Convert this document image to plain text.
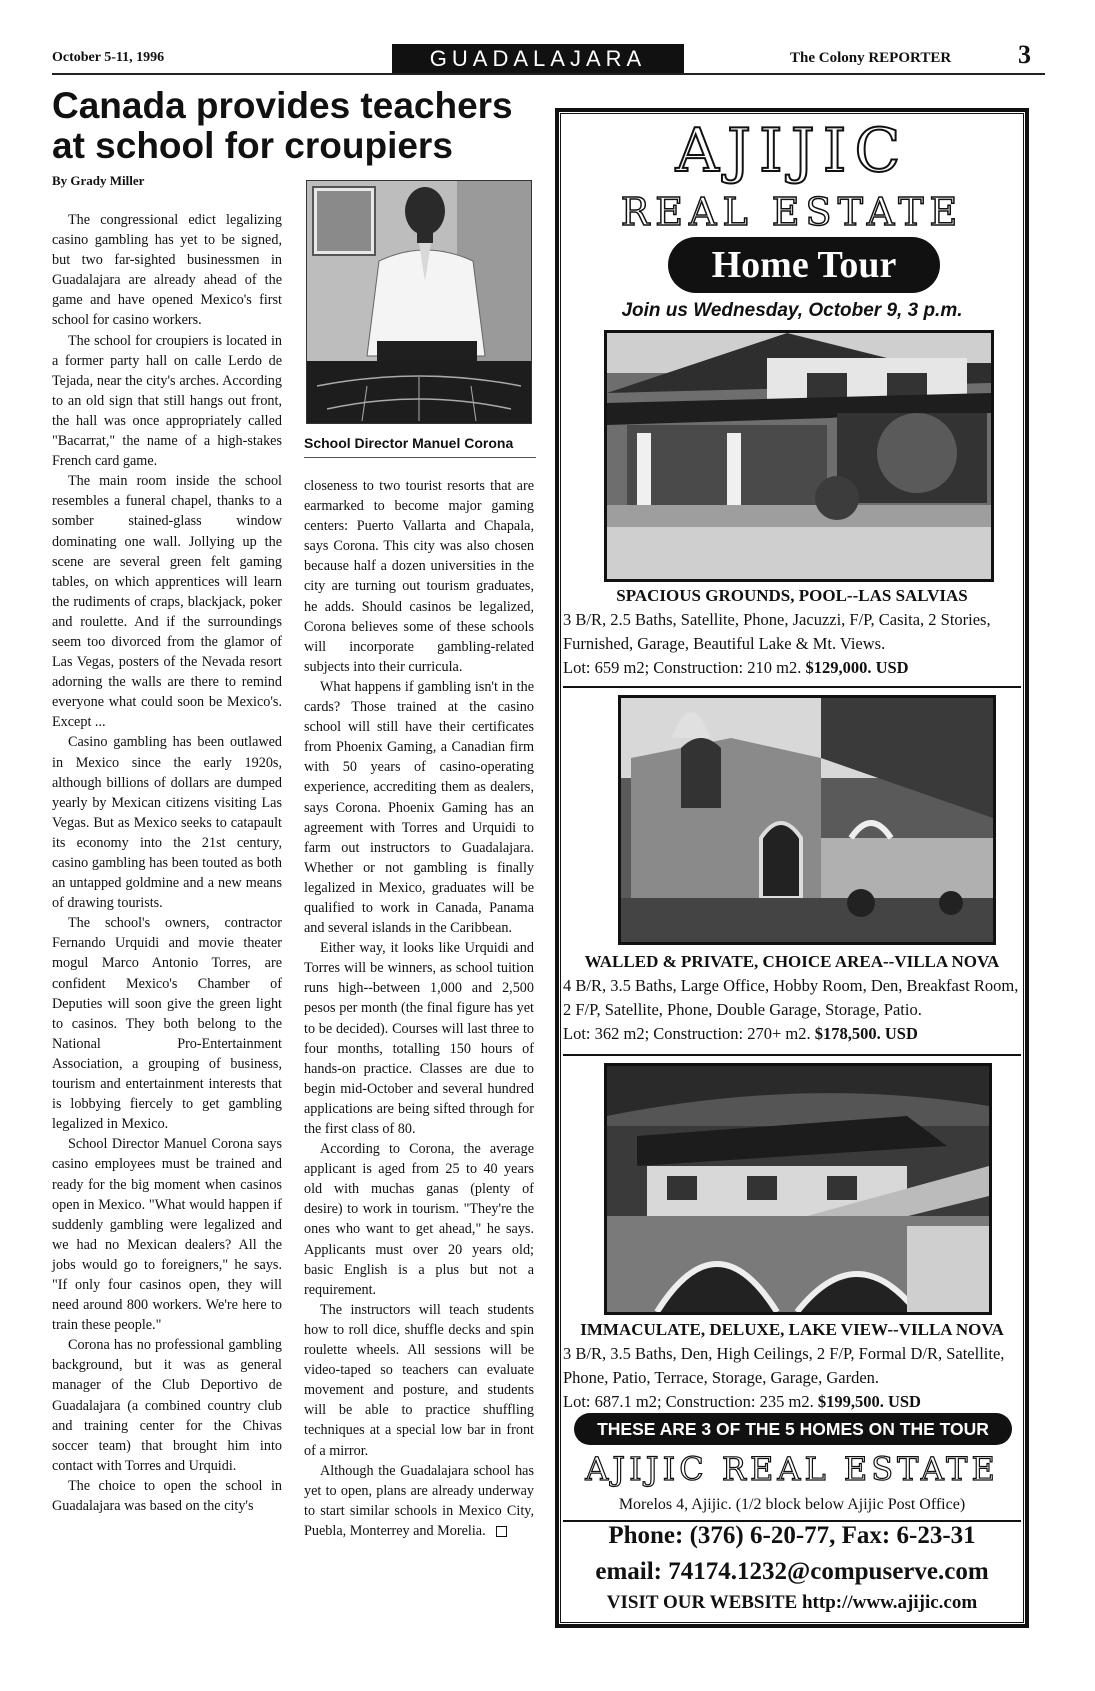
October 5-11, 1996	GUADALAJARA	The Colony REPORTER	3
Canada provides teachers at school for croupiers
By Grady Miller
School Director Manuel Corona

The congressional edict legalizing casino gambling has yet to be signed, but two far-sighted businessmen in Guadalajara are already ahead of the game and have opened Mexico's first school for casino workers.

The school for croupiers is located in a former party hall on calle Lerdo de Tejada, near the city's arches. According to an old sign that still hangs out front, the hall was once appropriately called "Bacarrat," the name of a high-stakes French card game.

The main room inside the school resembles a funeral chapel, thanks to a somber stained-glass window dominating one wall. Jollying up the scene are several green felt gaming tables, on which apprentices will learn the rudiments of craps, blackjack, poker and roulette. And if the surroundings seem too divorced from the glamor of Las Vegas, posters of the Nevada resort adorning the walls are there to remind everyone what could soon be Mexico's. Except ...

Casino gambling has been outlawed in Mexico since the early 1920s, although billions of dollars are dumped yearly by Mexican citizens visiting Las Vegas. But as Mexico seeks to catapault its economy into the 21st century, casino gambling has been touted as both an untapped goldmine and a new means of drawing tourists.

The school's owners, contractor Fernando Urquidi and movie theater mogul Marco Antonio Torres, are confident Mexico's Chamber of Deputies will soon give the green light to casinos. They both belong to the National Pro-Entertainment Association, a grouping of business, tourism and entertainment interests that is lobbying fiercely to get gambling legalized in Mexico.

School Director Manuel Corona says casino employees must be trained and ready for the big moment when casinos open in Mexico. "What would happen if suddenly gambling were legalized and we had no Mexican dealers? All the jobs would go to foreigners," he says. "If only four casinos open, they will need around 800 workers. We're here to train these people."

Corona has no professional gambling background, but it was as general manager of the Club Deportivo de Guadalajara (a combined country club and training center for the Chivas soccer team) that brought him into contact with Torres and Urquidi.

The choice to open the school in Guadalajara was based on the city's

closeness to two tourist resorts that are earmarked to become major gaming centers: Puerto Vallarta and Chapala, says Corona. This city was also chosen because half a dozen universities in the city are turning out tourism graduates, he adds. Should casinos be legalized, Corona believes some of these schools will incorporate gambling-related subjects into their curricula.

What happens if gambling isn't in the cards? Those trained at the casino school will still have their certificates from Phoenix Gaming, a Canadian firm with 50 years of casino-operating experience, accrediting them as dealers, says Corona. Phoenix Gaming has an agreement with Torres and Urquidi to farm out instructors to Guadalajara. Whether or not gambling is finally legalized in Mexico, graduates will be qualified to work in Canada, Panama and several islands in the Caribbean.

Either way, it looks like Urquidi and Torres will be winners, as school tuition runs high--between 1,000 and 2,500 pesos per month (the final figure has yet to be decided). Courses will last three to four months, totalling 150 hours of hands-on practice. Classes are due to begin mid-October and several hundred applications are being sifted through for the first class of 80.

According to Corona, the average applicant is aged from 25 to 40 years old with muchas ganas (plenty of desire) to work in tourism. "They're the ones who want to get ahead," he says. Applicants must over 20 years old; basic English is a plus but not a requirement.

The instructors will teach students how to roll dice, shuffle decks and spin roulette wheels. All sessions will be video-taped so teachers can evaluate movement and posture, and students will be able to practice shuffling techniques at a special low bar in front of a mirror.

Although the Guadalajara school has yet to open, plans are already underway to start similar schools in Mexico City, Puebla, Monterrey and Morelia.

AJIJIC
REAL ESTATE
Home Tour
Join us Wednesday, October 9, 3 p.m.
SPACIOUS GROUNDS, POOL--LAS SALVIAS
3 B/R, 2.5 Baths, Satellite, Phone, Jacuzzi, F/P, Casita, 2 Stories, Furnished, Garage, Beautiful Lake & Mt. Views.
Lot: 659 m2; Construction: 210 m2. $129,000. USD
WALLED & PRIVATE, CHOICE AREA--VILLA NOVA
4 B/R, 3.5 Baths, Large Office, Hobby Room, Den, Breakfast Room, 2 F/P, Satellite, Phone, Double Garage, Storage, Patio.
Lot: 362 m2; Construction: 270+ m2. $178,500. USD
IMMACULATE, DELUXE, LAKE VIEW--VILLA NOVA
3 B/R, 3.5 Baths, Den, High Ceilings, 2 F/P, Formal D/R, Satellite, Phone, Patio, Terrace, Storage, Garage, Garden.
Lot: 687.1 m2; Construction: 235 m2. $199,500. USD
THESE ARE 3 OF THE 5 HOMES ON THE TOUR
AJIJIC REAL ESTATE
Morelos 4, Ajijic. (1/2 block below Ajijic Post Office)
Phone: (376) 6-20-77, Fax: 6-23-31
email: 74174.1232@compuserve.com
VISIT OUR WEBSITE http://www.ajijic.com
